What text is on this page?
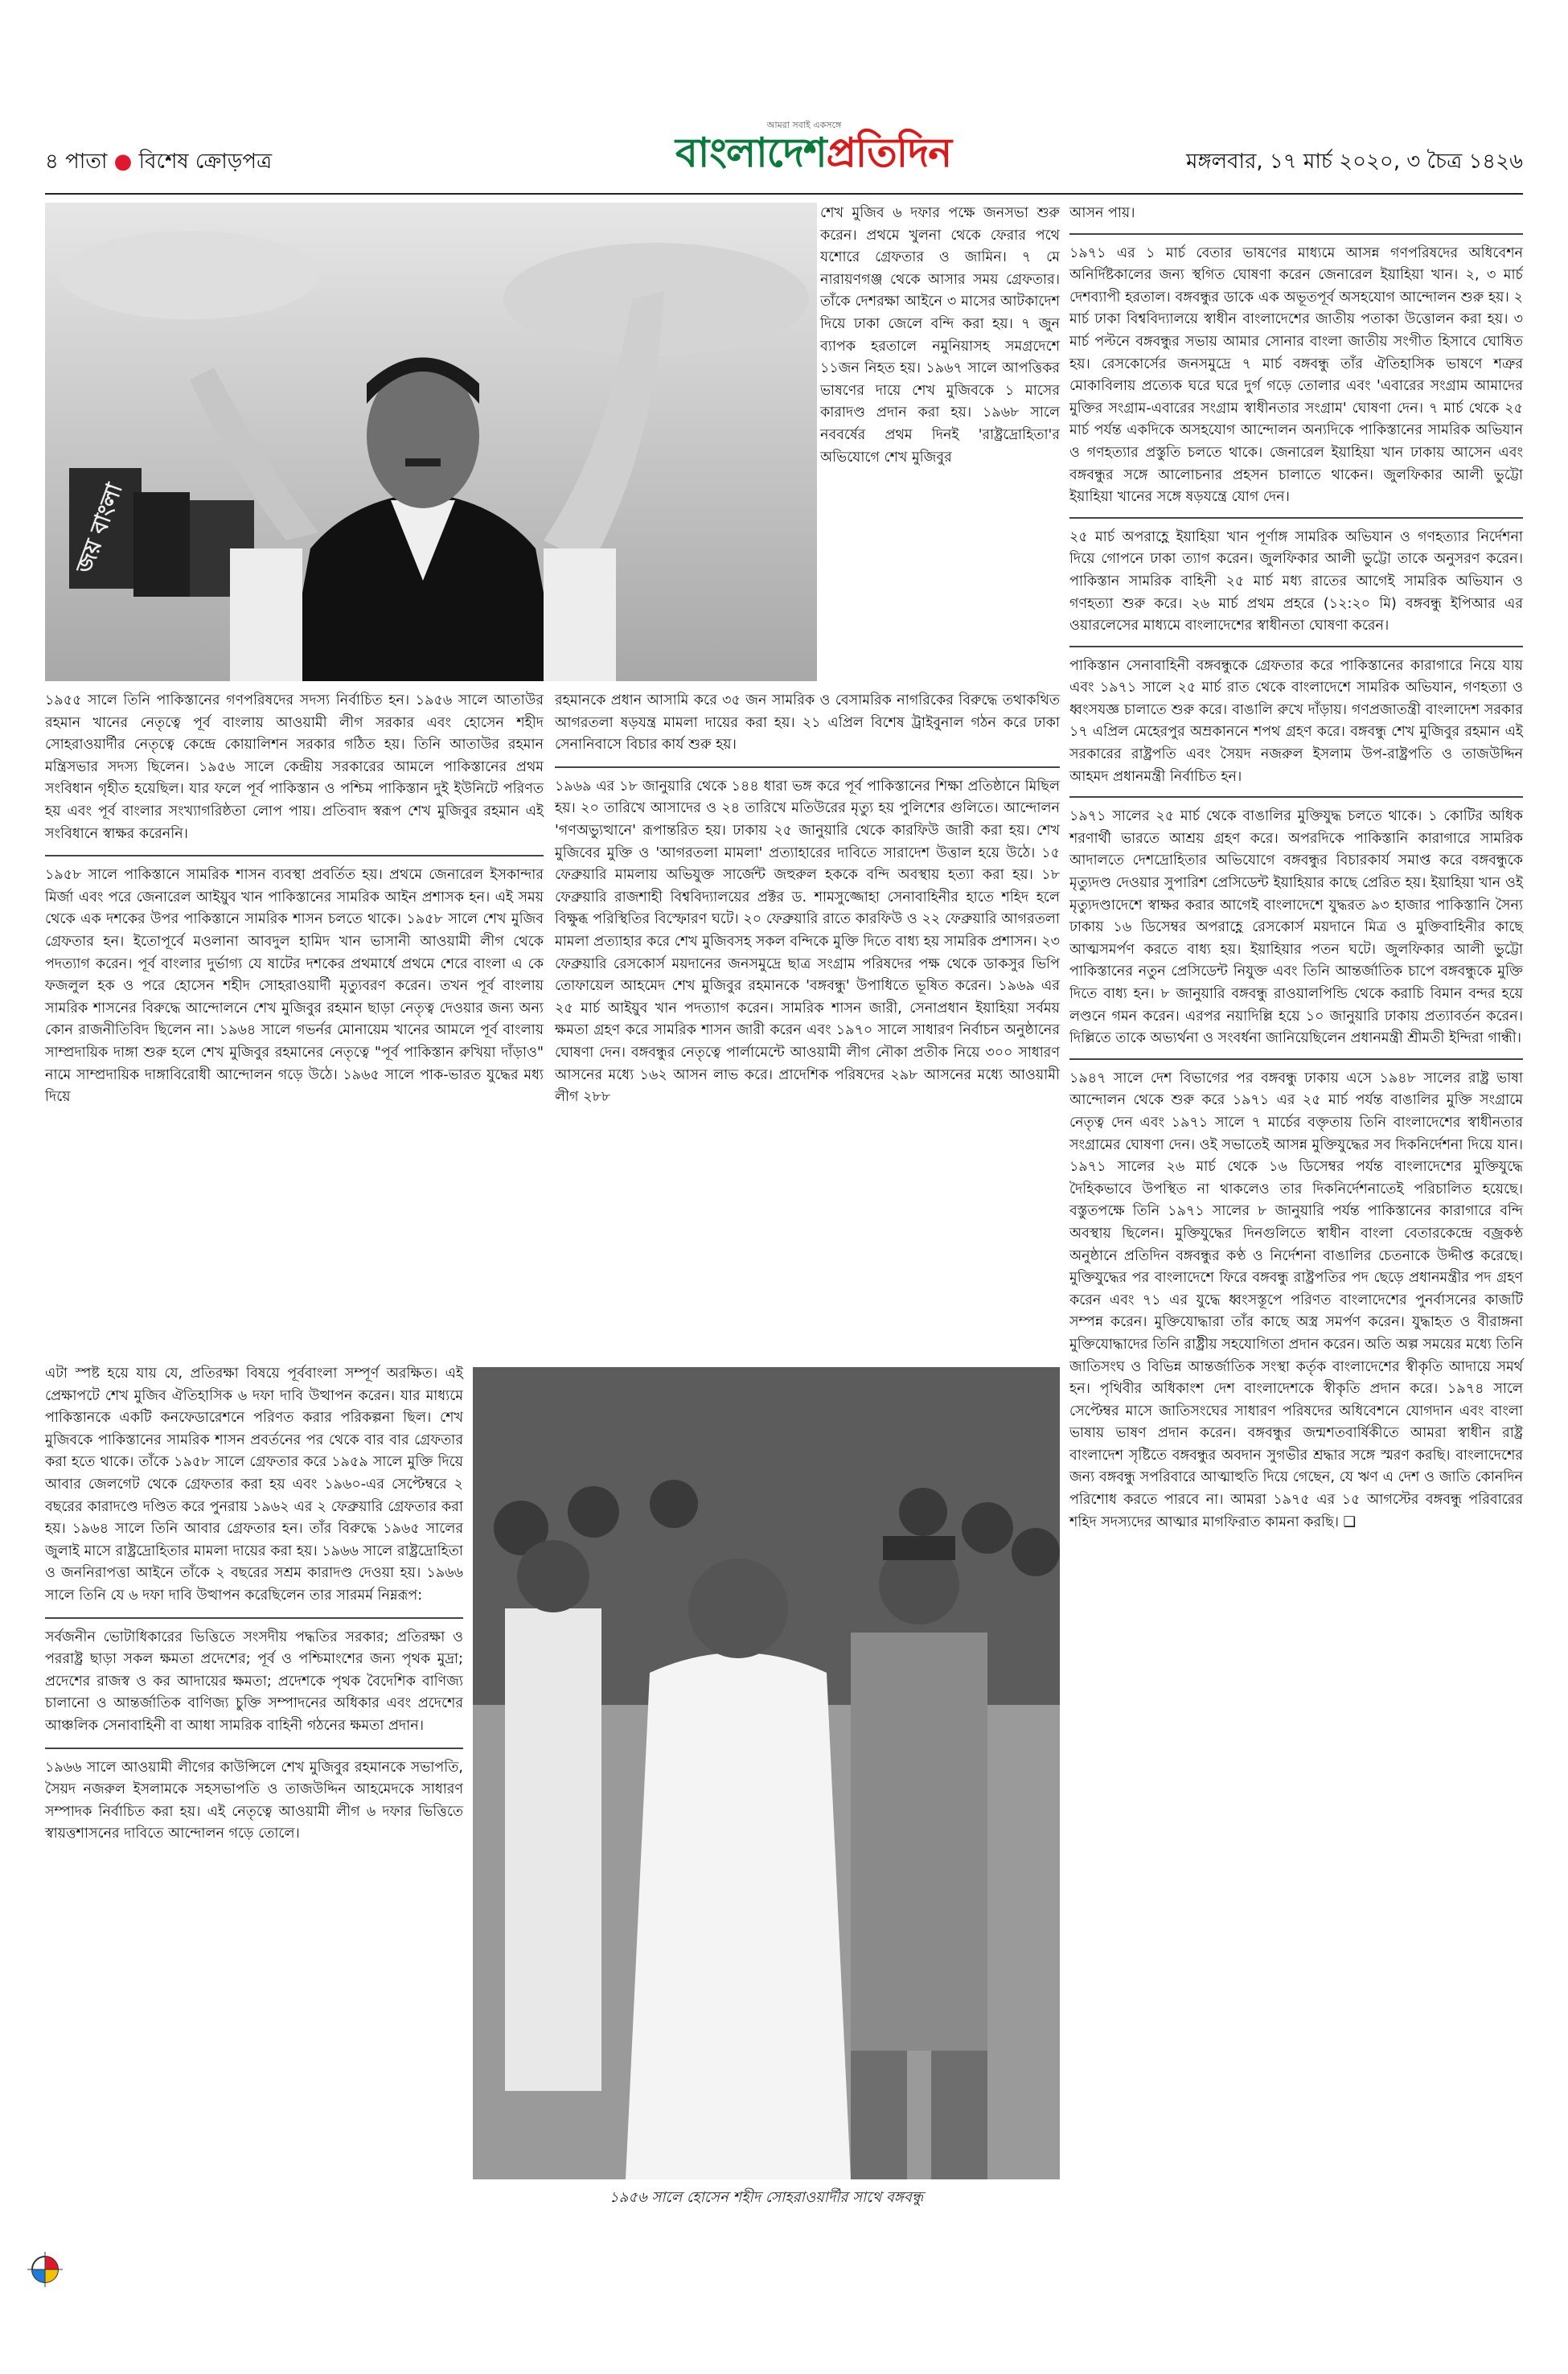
৪ পাতা ● বিশেষ ক্রোড়পত্র
আমরা সবাই একসঙ্গে
বাংলাদেশপ্রতিদিন	মঙ্গলবার, ১৭ মার্চ ২০২০, ৩ চৈত্র ১৪২৬
জয় বাংলা

শেখ মুজিব ৬ দফার পক্ষে জনসভা শুরু করেন। প্রথমে খুলনা থেকে ফেরার পথে যশোরে গ্রেফতার ও জামিন। ৭ মে নারায়ণগঞ্জ থেকে আসার সময় গ্রেফতার। তাঁকে দেশরক্ষা আইনে ৩ মাসের আটকাদেশ দিয়ে ঢাকা জেলে বন্দি করা হয়। ৭ জুন ব্যাপক হরতালে নমুনিয়াসহ সমগ্রদেশে ১১জন নিহত হয়। ১৯৬৭ সালে আপত্তিকর ভাষণের দায়ে শেখ মুজিবকে ১ মাসের কারাদণ্ড প্রদান করা হয়। ১৯৬৮ সালে নববর্ষের প্রথম দিনই 'রাষ্ট্রদ্রোহিতা'র অভিযোগে শেখ মুজিবুর

রহমানকে প্রধান আসামি করে ৩৫ জন সামরিক ও বেসামরিক নাগরিকের বিরুদ্ধে তথাকথিত আগরতলা ষড়যন্ত্র মামলা দায়ের করা হয়। ২১ এপ্রিল বিশেষ ট্রাইবুনাল গঠন করে ঢাকা সেনানিবাসে বিচার কার্য শুরু হয়।

১৯৬৯ এর ১৮ জানুয়ারি থেকে ১৪৪ ধারা ভঙ্গ করে পূর্ব পাকিস্তানের শিক্ষা প্রতিষ্ঠানে মিছিল হয়। ২০ তারিখে আসাদের ও ২৪ তারিখে মতিউরের মৃত্যু হয় পুলিশের গুলিতে। আন্দোলন 'গণঅভ্যুত্থানে' রূপান্তরিত হয়। ঢাকায় ২৫ জানুয়ারি থেকে কারফিউ জারী করা হয়। শেখ মুজিবের মুক্তি ও 'আগরতলা মামলা' প্রত্যাহারের দাবিতে সারাদেশ উত্তাল হয়ে উঠে। ১৫ ফেব্রুয়ারি মামলায় অভিযুক্ত সার্জেন্ট জহুরুল হককে বন্দি অবস্থায় হত্যা করা হয়। ১৮ ফেব্রুয়ারি রাজশাহী বিশ্ববিদ্যালয়ের প্রক্টর ড. শামসুজ্জোহা সেনাবাহিনীর হাতে শহিদ হলে বিক্ষুব্ধ পরিস্থিতির বিস্ফোরণ ঘটে। ২০ ফেব্রুয়ারি রাতে কারফিউ ও ২২ ফেব্রুয়ারি আগরতলা মামলা প্রত্যাহার করে শেখ মুজিবসহ সকল বন্দিকে মুক্তি দিতে বাধ্য হয় সামরিক প্রশাসন। ২৩ ফেব্রুয়ারি রেসকোর্স ময়দানের জনসমুদ্রে ছাত্র সংগ্রাম পরিষদের পক্ষ থেকে ডাকসুর ভিপি তোফায়েল আহমেদ শেখ মুজিবুর রহমানকে 'বঙ্গবন্ধু' উপাধিতে ভূষিত করেন। ১৯৬৯ এর ২৫ মার্চ আইয়ুব খান পদত্যাগ করেন। সামরিক শাসন জারী, সেনাপ্রধান ইয়াহিয়া সর্বময় ক্ষমতা গ্রহণ করে সামরিক শাসন জারী করেন এবং ১৯৭০ সালে সাধারণ নির্বাচন অনুষ্ঠানের ঘোষণা দেন। বঙ্গবন্ধুর নেতৃত্বে পার্লামেন্টে আওয়ামী লীগ নৌকা প্রতীক নিয়ে ৩০০ সাধারণ আসনের মধ্যে ১৬২ আসন লাভ করে। প্রাদেশিক পরিষদের ২৯৮ আসনের মধ্যে আওয়ামী লীগ ২৮৮

১৯৫৫ সালে তিনি পাকিস্তানের গণপরিষদের সদস্য নির্বাচিত হন। ১৯৫৬ সালে আতাউর রহমান খানের নেতৃত্বে পূর্ব বাংলায় আওয়ামী লীগ সরকার এবং হোসেন শহীদ সোহরাওয়ার্দীর নেতৃত্বে কেন্দ্রে কোয়ালিশন সরকার গঠিত হয়। তিনি আতাউর রহমান মন্ত্রিসভার সদস্য ছিলেন। ১৯৫৬ সালে কেন্দ্রীয় সরকারের আমলে পাকিস্তানের প্রথম সংবিধান গৃহীত হয়েছিল। যার ফলে পূর্ব পাকিস্তান ও পশ্চিম পাকিস্তান দুই ইউনিটে পরিণত হয় এবং পূর্ব বাংলার সংখ্যাগরিষ্ঠতা লোপ পায়। প্রতিবাদ স্বরূপ শেখ মুজিবুর রহমান এই সংবিধানে স্বাক্ষর করেননি।

১৯৫৮ সালে পাকিস্তানে সামরিক শাসন ব্যবস্থা প্রবর্তিত হয়। প্রথমে জেনারেল ইসকান্দার মির্জা এবং পরে জেনারেল আইয়ুব খান পাকিস্তানের সামরিক আইন প্রশাসক হন। এই সময় থেকে এক দশকের উপর পাকিস্তানে সামরিক শাসন চলতে থাকে। ১৯৫৮ সালে শেখ মুজিব গ্রেফতার হন। ইতোপূর্বে মওলানা আবদুল হামিদ খান ভাসানী আওয়ামী লীগ থেকে পদত্যাগ করেন। পূর্ব বাংলার দুর্ভাগ্য যে ষাটের দশকের প্রথমার্ধে প্রথমে শেরে বাংলা এ কে ফজলুল হক ও পরে হোসেন শহীদ সোহরাওয়ার্দী মৃত্যুবরণ করেন। তখন পূর্ব বাংলায় সামরিক শাসনের বিরুদ্ধে আন্দোলনে শেখ মুজিবুর রহমান ছাড়া নেতৃত্ব দেওয়ার জন্য অন্য কোন রাজনীতিবিদ ছিলেন না। ১৯৬৪ সালে গভর্নর মোনায়েম খানের আমলে পূর্ব বাংলায় সাম্প্রদায়িক দাঙ্গা শুরু হলে শেখ মুজিবুর রহমানের নেতৃত্বে "পূর্ব পাকিস্তান রুখিয়া দাঁড়াও" নামে সাম্প্রদায়িক দাঙ্গাবিরোধী আন্দোলন গড়ে উঠে। ১৯৬৫ সালে পাক-ভারত যুদ্ধের মধ্য দিয়ে

এটা স্পষ্ট হয়ে যায় যে, প্রতিরক্ষা বিষয়ে পূর্ববাংলা সম্পূর্ণ অরক্ষিত। এই প্রেক্ষাপটে শেখ মুজিব ঐতিহাসিক ৬ দফা দাবি উত্থাপন করেন। যার মাধ্যমে পাকিস্তানকে একটি কনফেডারেশনে পরিণত করার পরিকল্পনা ছিল। শেখ মুজিবকে পাকিস্তানের সামরিক শাসন প্রবর্তনের পর থেকে বার বার গ্রেফতার করা হতে থাকে। তাঁকে ১৯৫৮ সালে গ্রেফতার করে ১৯৫৯ সালে মুক্তি দিয়ে আবার জেলগেট থেকে গ্রেফতার করা হয় এবং ১৯৬০-এর সেপ্টেম্বরে ২ বছরের কারাদণ্ডে দণ্ডিত করে পুনরায় ১৯৬২ এর ২ ফেব্রুয়ারি গ্রেফতার করা হয়। ১৯৬৪ সালে তিনি আবার গ্রেফতার হন। তাঁর বিরুদ্ধে ১৯৬৫ সালের জুলাই মাসে রাষ্ট্রদ্রোহিতার মামলা দায়ের করা হয়। ১৯৬৬ সালে রাষ্ট্রদ্রোহিতা ও জননিরাপত্তা আইনে তাঁকে ২ বছরের সশ্রম কারাদণ্ড দেওয়া হয়। ১৯৬৬ সালে তিনি যে ৬ দফা দাবি উত্থাপন করেছিলেন তার সারমর্ম নিম্নরূপ:

সর্বজনীন ভোটাধিকারের ভিত্তিতে সংসদীয় পদ্ধতির সরকার; প্রতিরক্ষা ও পররাষ্ট্র ছাড়া সকল ক্ষমতা প্রদেশের; পূর্ব ও পশ্চিমাংশের জন্য পৃথক মুদ্রা; প্রদেশের রাজস্ব ও কর আদায়ের ক্ষমতা; প্রদেশকে পৃথক বৈদেশিক বাণিজ্য চালানো ও আন্তর্জাতিক বাণিজ্য চুক্তি সম্পাদনের অধিকার এবং প্রদেশের আঞ্চলিক সেনাবাহিনী বা আধা সামরিক বাহিনী গঠনের ক্ষমতা প্রদান।

১৯৬৬ সালে আওয়ামী লীগের কাউন্সিলে শেখ মুজিবুর রহমানকে সভাপতি, সৈয়দ নজরুল ইসলামকে সহসভাপতি ও তাজউদ্দিন আহমেদকে সাধারণ সম্পাদক নির্বাচিত করা হয়। এই নেতৃত্বে আওয়ামী লীগ ৬ দফার ভিত্তিতে স্বায়ত্তশাসনের দাবিতে আন্দোলন গড়ে তোলে।

১৯৫৬ সালে হোসেন শহীদ সোহরাওয়ার্দীর সাথে বঙ্গবন্ধু

আসন পায়।

১৯৭১ এর ১ মার্চ বেতার ভাষণের মাধ্যমে আসন্ন গণপরিষদের অধিবেশন অনির্দিষ্টকালের জন্য স্থগিত ঘোষণা করেন জেনারেল ইয়াহিয়া খান। ২, ৩ মার্চ দেশব্যাপী হরতাল। বঙ্গবন্ধুর ডাকে এক অভূতপূর্ব অসহযোগ আন্দোলন শুরু হয়। ২ মার্চ ঢাকা বিশ্ববিদ্যালয়ে স্বাধীন বাংলাদেশের জাতীয় পতাকা উত্তোলন করা হয়। ৩ মার্চ পল্টনে বঙ্গবন্ধুর সভায় আমার সোনার বাংলা জাতীয় সংগীত হিসাবে ঘোষিত হয়। রেসকোর্সের জনসমুদ্রে ৭ মার্চ বঙ্গবন্ধু তাঁর ঐতিহাসিক ভাষণে শত্রুর মোকাবিলায় প্রত্যেক ঘরে ঘরে দুর্গ গড়ে তোলার এবং 'এবারের সংগ্রাম আমাদের মুক্তির সংগ্রাম-এবারের সংগ্রাম স্বাধীনতার সংগ্রাম' ঘোষণা দেন। ৭ মার্চ থেকে ২৫ মার্চ পর্যন্ত একদিকে অসহযোগ আন্দোলন অন্যদিকে পাকিস্তানের সামরিক অভিযান ও গণহত্যার প্রস্তুতি চলতে থাকে। জেনারেল ইয়াহিয়া খান ঢাকায় আসেন এবং বঙ্গবন্ধুর সঙ্গে আলোচনার প্রহসন চালাতে থাকেন। জুলফিকার আলী ভুট্টো ইয়াহিয়া খানের সঙ্গে ষড়যন্ত্রে যোগ দেন।

২৫ মার্চ অপরাহ্ণে ইয়াহিয়া খান পূর্ণাঙ্গ সামরিক অভিযান ও গণহত্যার নির্দেশনা দিয়ে গোপনে ঢাকা ত্যাগ করেন। জুলফিকার আলী ভুট্টো তাকে অনুসরণ করেন। পাকিস্তান সামরিক বাহিনী ২৫ মার্চ মধ্য রাতের আগেই সামরিক অভিযান ও গণহত্যা শুরু করে। ২৬ মার্চ প্রথম প্রহরে (১২:২০ মি) বঙ্গবন্ধু ইপিআর এর ওয়ারলেসের মাধ্যমে বাংলাদেশের স্বাধীনতা ঘোষণা করেন।

পাকিস্তান সেনাবাহিনী বঙ্গবন্ধুকে গ্রেফতার করে পাকিস্তানের কারাগারে নিয়ে যায় এবং ১৯৭১ সালে ২৫ মার্চ রাত থেকে বাংলাদেশে সামরিক অভিযান, গণহত্যা ও ধ্বংসযজ্ঞ চালাতে শুরু করে। বাঙালি রুখে দাঁড়ায়। গণপ্রজাতন্ত্রী বাংলাদেশ সরকার ১৭ এপ্রিল মেহেরপুর অম্রকাননে শপথ গ্রহণ করে। বঙ্গবন্ধু শেখ মুজিবুর রহমান এই সরকারের রাষ্ট্রপতি এবং সৈয়দ নজরুল ইসলাম উপ-রাষ্ট্রপতি ও তাজউদ্দিন আহমদ প্রধানমন্ত্রী নির্বাচিত হন।

১৯৭১ সালের ২৫ মার্চ থেকে বাঙালির মুক্তিযুদ্ধ চলতে থাকে। ১ কোটির অধিক শরণার্থী ভারতে আশ্রয় গ্রহণ করে। অপরদিকে পাকিস্তানি কারাগারে সামরিক আদালতে দেশদ্রোহিতার অভিযোগে বঙ্গবন্ধুর বিচারকার্য সমাপ্ত করে বঙ্গবন্ধুকে মৃত্যুদণ্ড দেওয়ার সুপারিশ প্রেসিডেন্ট ইয়াহিয়ার কাছে প্রেরিত হয়। ইয়াহিয়া খান ওই মৃত্যুদণ্ডাদেশে স্বাক্ষর করার আগেই বাংলাদেশে যুদ্ধরত ৯৩ হাজার পাকিস্তানি সৈন্য ঢাকায় ১৬ ডিসেম্বর অপরাহ্ণে রেসকোর্স ময়দানে মিত্র ও মুক্তিবাহিনীর কাছে আত্মসমর্পণ করতে বাধ্য হয়। ইয়াহিয়ার পতন ঘটে। জুলফিকার আলী ভুট্টো পাকিস্তানের নতুন প্রেসিডেন্ট নিযুক্ত এবং তিনি আন্তর্জাতিক চাপে বঙ্গবন্ধুকে মুক্তি দিতে বাধ্য হন। ৮ জানুয়ারি বঙ্গবন্ধু রাওয়ালপিন্ডি থেকে করাচি বিমান বন্দর হয়ে লণ্ডনে গমন করেন। এরপর নয়াদিল্লি হয়ে ১০ জানুয়ারি ঢাকায় প্রত্যাবর্তন করেন। দিল্লিতে তাকে অভ্যর্থনা ও সংবর্ধনা জানিয়েছিলেন প্রধানমন্ত্রী শ্রীমতী ইন্দিরা গান্ধী।

১৯৪৭ সালে দেশ বিভাগের পর বঙ্গবন্ধু ঢাকায় এসে ১৯৪৮ সালের রাষ্ট্র ভাষা আন্দোলন থেকে শুরু করে ১৯৭১ এর ২৫ মার্চ পর্যন্ত বাঙালির মুক্তি সংগ্রামে নেতৃত্ব দেন এবং ১৯৭১ সালে ৭ মার্চের বক্তৃতায় তিনি বাংলাদেশের স্বাধীনতার সংগ্রামের ঘোষণা দেন। ওই সভাতেই আসন্ন মুক্তিযুদ্ধের সব দিকনির্দেশনা দিয়ে যান। ১৯৭১ সালের ২৬ মার্চ থেকে ১৬ ডিসেম্বর পর্যন্ত বাংলাদেশের মুক্তিযুদ্ধে দৈহিকভাবে উপস্থিত না থাকলেও তার দিকনির্দেশনাতেই পরিচালিত হয়েছে। বস্তুতপক্ষে তিনি ১৯৭১ সালের ৮ জানুয়ারি পর্যন্ত পাকিস্তানের কারাগারে বন্দি অবস্থায় ছিলেন। মুক্তিযুদ্ধের দিনগুলিতে স্বাধীন বাংলা বেতারকেন্দ্রে বজ্রকণ্ঠ অনুষ্ঠানে প্রতিদিন বঙ্গবন্ধুর কণ্ঠ ও নির্দেশনা বাঙালির চেতনাকে উদ্দীপ্ত করেছে। মুক্তিযুদ্ধের পর বাংলাদেশে ফিরে বঙ্গবন্ধু রাষ্ট্রপতির পদ ছেড়ে প্রধানমন্ত্রীর পদ গ্রহণ করেন এবং ৭১ এর যুদ্ধে ধ্বংসস্তূপে পরিণত বাংলাদেশের পুনর্বাসনের কাজটি সম্পন্ন করেন। মুক্তিযোদ্ধারা তাঁর কাছে অস্ত্র সমর্পণ করেন। যুদ্ধাহত ও বীরাঙ্গনা মুক্তিযোদ্ধাদের তিনি রাষ্ট্রীয় সহযোগিতা প্রদান করেন। অতি অল্প সময়ের মধ্যে তিনি জাতিসংঘ ও বিভিন্ন আন্তর্জাতিক সংস্থা কর্তৃক বাংলাদেশের স্বীকৃতি আদায়ে সমর্থ হন। পৃথিবীর অধিকাংশ দেশ বাংলাদেশকে স্বীকৃতি প্রদান করে। ১৯৭৪ সালে সেপ্টেম্বর মাসে জাতিসংঘের সাধারণ পরিষদের অধিবেশনে যোগদান এবং বাংলা ভাষায় ভাষণ প্রদান করেন। বঙ্গবন্ধুর জন্মশতবার্ষিকীতে আমরা স্বাধীন রাষ্ট্র বাংলাদেশ সৃষ্টিতে বঙ্গবন্ধুর অবদান সুগভীর শ্রদ্ধার সঙ্গে স্মরণ করছি। বাংলাদেশের জন্য বঙ্গবন্ধু সপরিবারে আত্মাহুতি দিয়ে গেছেন, যে ঋণ এ দেশ ও জাতি কোনদিন পরিশোধ করতে পারবে না। আমরা ১৯৭৫ এর ১৫ আগস্টের বঙ্গবন্ধু পরিবারের শহিদ সদস্যদের আত্মার মাগফিরাত কামনা করছি। ❑
